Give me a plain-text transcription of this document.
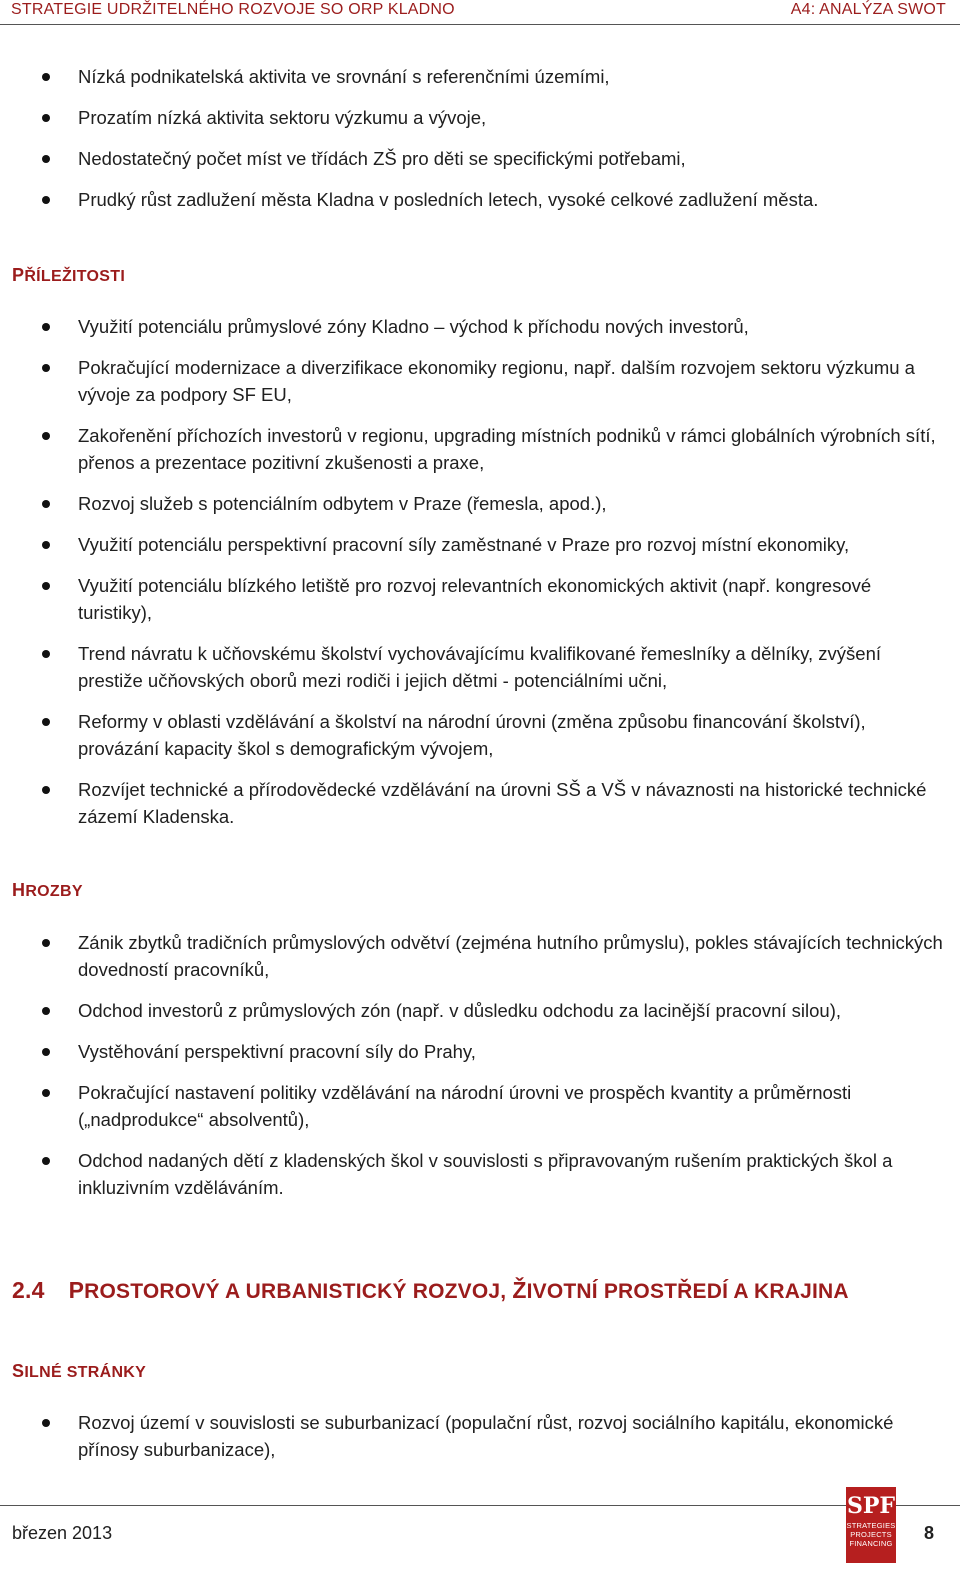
STRATEGIE UDRŽITELNÉHO ROZVOJE SO ORP KLADNO	A4: ANALÝZA SWOT
Nízká podnikatelská aktivita ve srovnání s referenčními územími,
Prozatím nízká aktivita sektoru výzkumu a vývoje,
Nedostatečný počet míst ve třídách ZŠ pro děti se specifickými potřebami,
Prudký růst zadlužení města Kladna v posledních letech, vysoké celkové zadlužení města.
PŘÍLEŽITOSTI
Využití potenciálu průmyslové zóny Kladno – východ k příchodu nových investorů,
Pokračující modernizace a diverzifikace ekonomiky regionu, např. dalším rozvojem sektoru výzkumu a vývoje za podpory SF EU,
Zakořenění příchozích investorů v regionu, upgrading místních podniků v rámci globálních výrobních sítí, přenos a prezentace pozitivní zkušenosti a praxe,
Rozvoj služeb s potenciálním odbytem v Praze (řemesla, apod.),
Využití potenciálu perspektivní pracovní síly zaměstnané v Praze pro rozvoj místní ekonomiky,
Využití potenciálu blízkého letiště pro rozvoj relevantních ekonomických aktivit (např. kongresové turistiky),
Trend návratu k učňovskému školství vychovávajícímu kvalifikované řemeslníky a dělníky, zvýšení prestiže učňovských oborů mezi rodiči i jejich dětmi - potenciálními učni,
Reformy v oblasti vzdělávání a školství na národní úrovni (změna způsobu financování školství), provázání kapacity škol s demografickým vývojem,
Rozvíjet technické a přírodovědecké vzdělávání na úrovni SŠ a VŠ v návaznosti na historické technické zázemí Kladenska.
HROZBY
Zánik zbytků tradičních průmyslových odvětví (zejména hutního průmyslu), pokles stávajících technických dovedností pracovníků,
Odchod investorů z průmyslových zón (např. v důsledku odchodu za lacinější pracovní silou),
Vystěhování perspektivní pracovní síly do Prahy,
Pokračující nastavení politiky vzdělávání na národní úrovni ve prospěch kvantity a průměrnosti („nadprodukce“ absolventů),
Odchod nadaných dětí z kladenských škol v souvislosti s připravovaným rušením praktických škol a inkluzivním vzděláváním.
2.4 PROSTOROVÝ A URBANISTICKÝ ROZVOJ, ŽIVOTNÍ PROSTŘEDÍ A KRAJINA
SILNÉ STRÁNKY
Rozvoj území v souvislosti se suburbanizací (populační růst, rozvoj sociálního kapitálu, ekonomické přínosy suburbanizace),
březen 2013
SPF
STRATEGIES
PROJECTS
FINANCING
8
